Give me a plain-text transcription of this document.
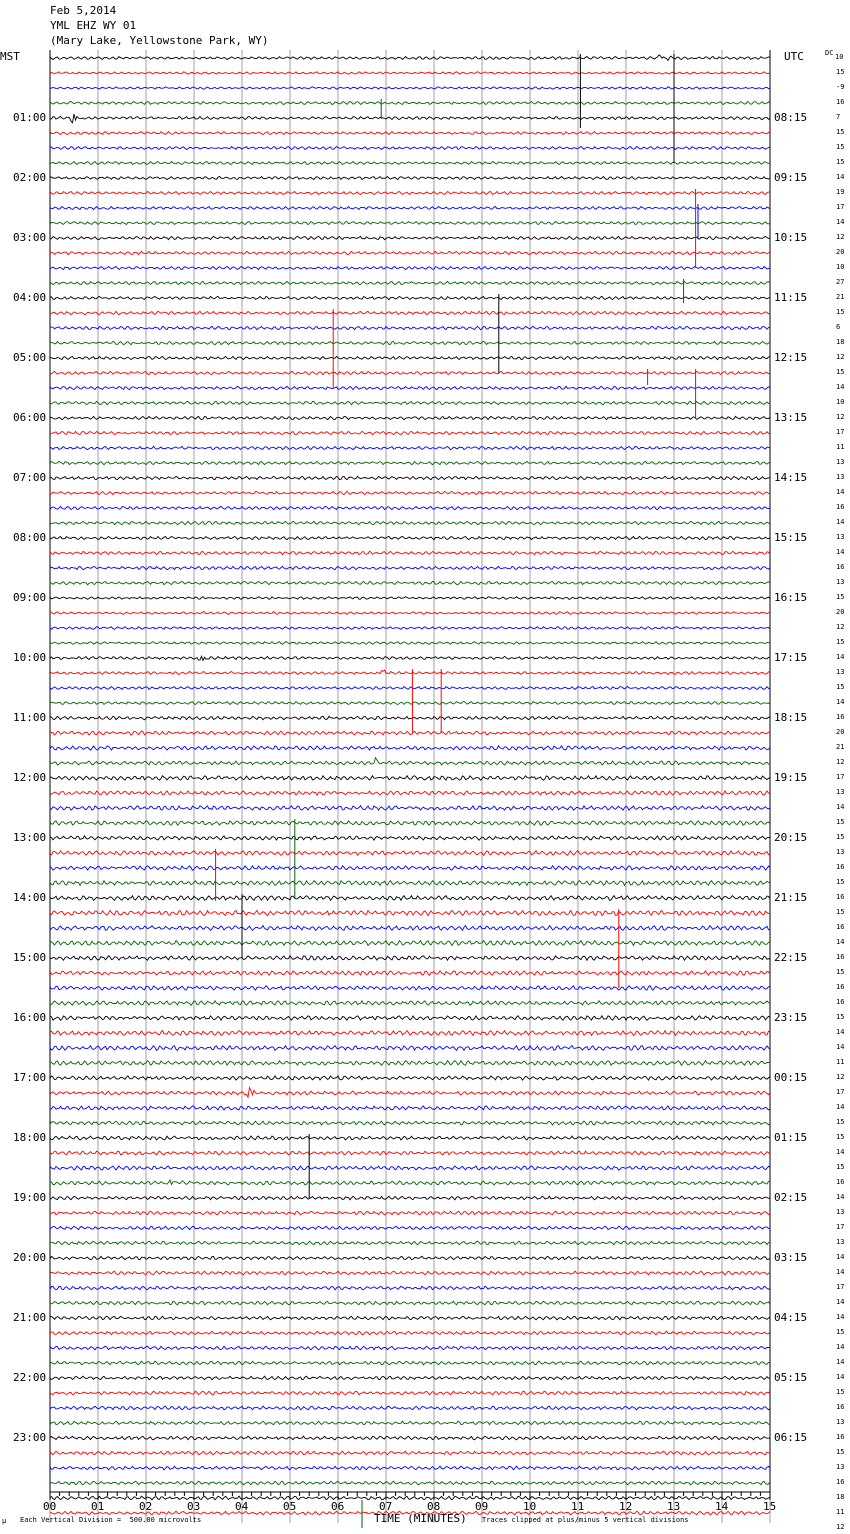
Feb 5,2014
YML EHZ WY 01
(Mary Lake, Yellowstone Park, WY)
MST	UTC	DC 10
01:00
02:00
03:00
04:00
05:00
06:00
07:00
08:00
09:00
10:00
11:00
12:00
13:00
14:00
15:00
16:00
17:00
18:00
19:00
20:00
21:00
22:00
23:00
08:15
09:15
10:15
11:15
12:15
13:15
14:15
15:15
16:15
17:15
18:15
19:15
20:15
21:15
22:15
23:15
00:15
01:15
02:15
03:15
04:15
05:15
06:15
15
-9
16
7
15
15
15
14
19
17
14
12
20
10
27
21
15
6
18
12
15
14
10
12
17
11
13
13
14
16
14
13
14
16
13
15
20
12
15
14
13
15
14
16
20
21
12
17
13
14
15
15
13
16
15
16
15
16
14
16
15
16
16
15
14
14
11
12
17
14
15
15
14
15
16
14
13
17
13
14
14
17
14
14
15
14
14
14
15
16
13
16
15
13
16
18
11
12
00	01	02	03	04	05	06	07	08	09	10	11	12	13	14	15
μ Each Vertical Division =  500.00 microvolts	TIME (MINUTES) Traces clipped at plus/minus 5 vertical divisions
